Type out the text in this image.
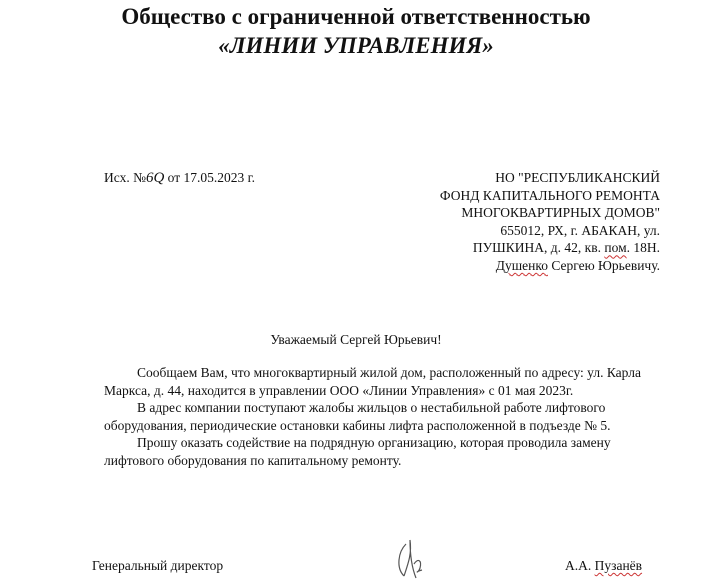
Общество с ограниченной ответственностью
«ЛИНИИ УПРАВЛЕНИЯ»
Исх. №6Q от 17.05.2023 г.	НО "РЕСПУБЛИКАНСКИЙ
ФОНД КАПИТАЛЬНОГО РЕМОНТА
МНОГОКВАРТИРНЫХ ДОМОВ"
655012, РХ, г. АБАКАН, ул.
ПУШКИНА, д. 42, кв. пом. 18Н.
Душенко Сергею Юрьевичу.
Уважаемый Сергей Юрьевич!
Сообщаем Вам, что многоквартирный жилой дом, расположенный по адресу: ул. Карла
Маркса, д. 44, находится в управлении ООО «Линии Управления» с 01 мая 2023г.
В адрес компании поступают жалобы жильцов о нестабильной работе лифтового
оборудования, периодические остановки кабины лифта расположенной в подъезде № 5.
Прошу оказать содействие на подрядную организацию, которая проводила замену
лифтового оборудования по капитальному ремонту.
Генеральный директор	А.А. Пузанёв
